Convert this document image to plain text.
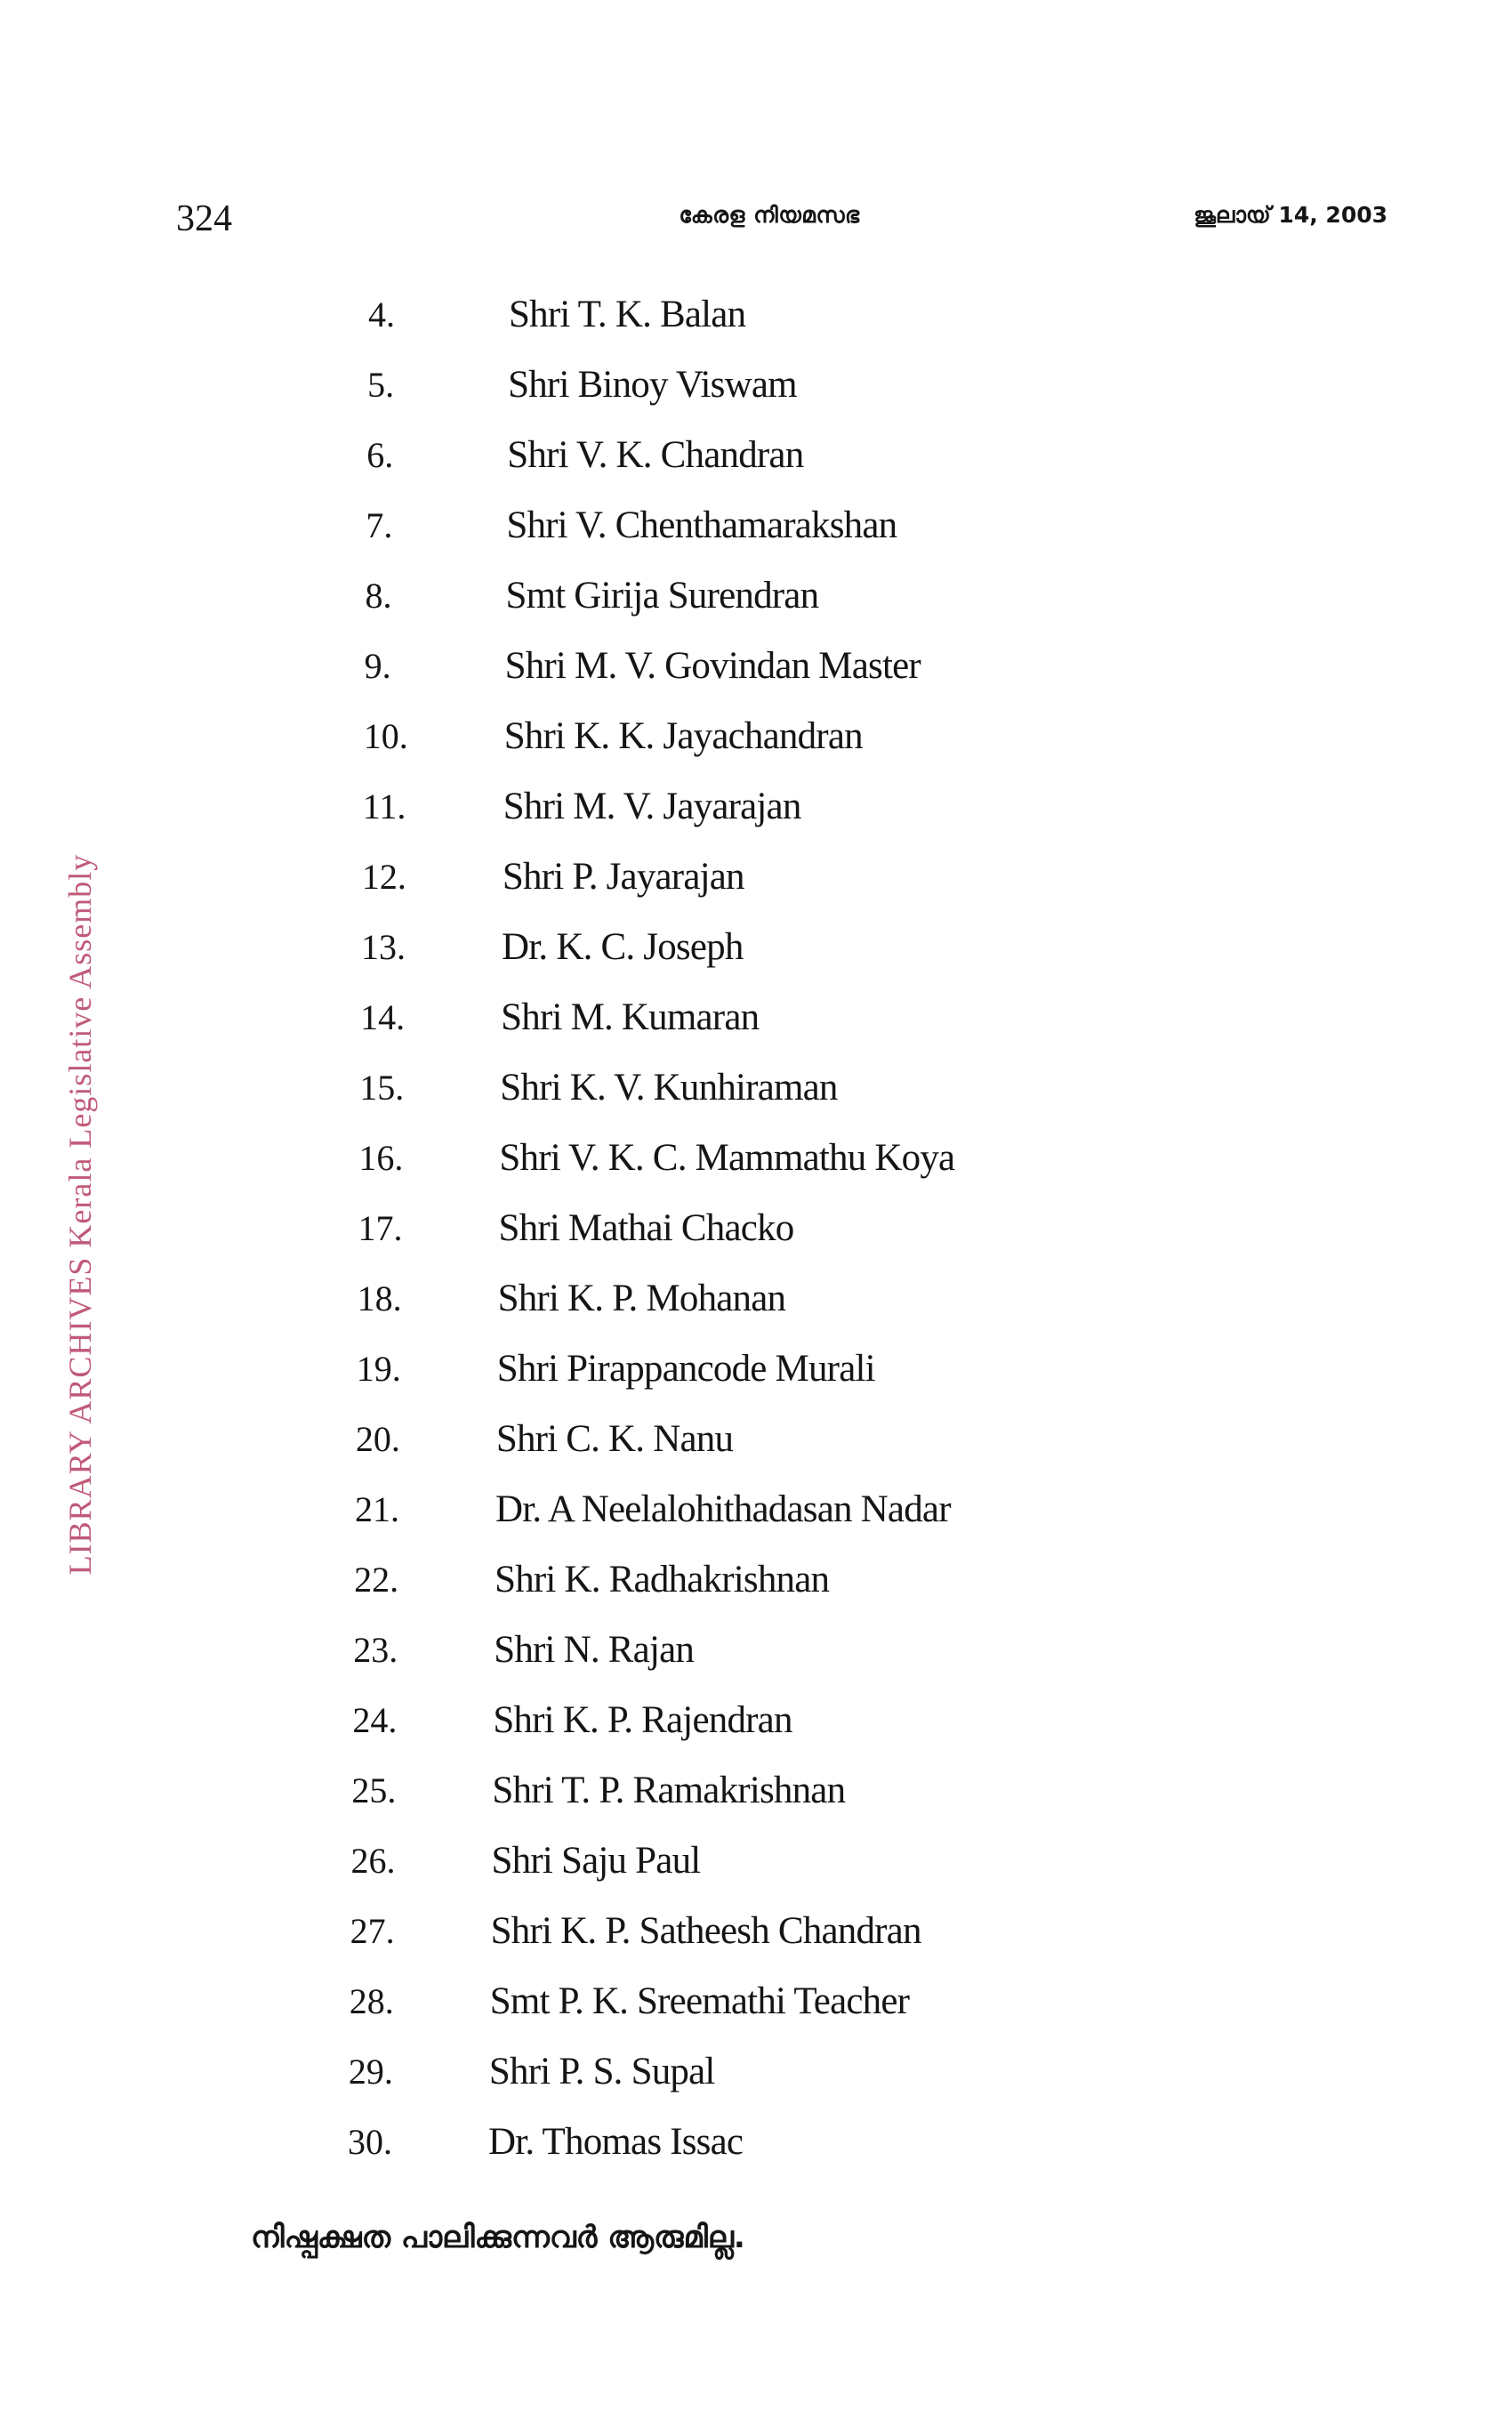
324	കേരള നിയമസഭ	ജൂലായ് 14, 2003
LIBRARY ARCHIVES Kerala Legislative Assembly
4.	Shri T. K. Balan
5.	Shri Binoy Viswam
6.	Shri V. K. Chandran
7.	Shri V. Chenthamarakshan
8.	Smt Girija Surendran
9.	Shri M. V. Govindan Master
10.	Shri K. K. Jayachandran
11.	Shri M. V. Jayarajan
12.	Shri P. Jayarajan
13.	Dr. K. C. Joseph
14.	Shri M. Kumaran
15.	Shri K. V. Kunhiraman
16.	Shri V. K. C. Mammathu Koya
17.	Shri Mathai Chacko
18.	Shri K. P. Mohanan
19.	Shri Pirappancode Murali
20.	Shri C. K. Nanu
21.	Dr. A Neelalohithadasan Nadar
22.	Shri K. Radhakrishnan
23.	Shri N. Rajan
24.	Shri K. P. Rajendran
25.	Shri T. P. Ramakrishnan
26.	Shri Saju Paul
27.	Shri K. P. Satheesh Chandran
28.	Smt P. K. Sreemathi Teacher
29.	Shri P. S. Supal
30.	Dr. Thomas Issac
നിഷ്പക്ഷത പാലിക്കുന്നവർ ആരുമില്ല.
